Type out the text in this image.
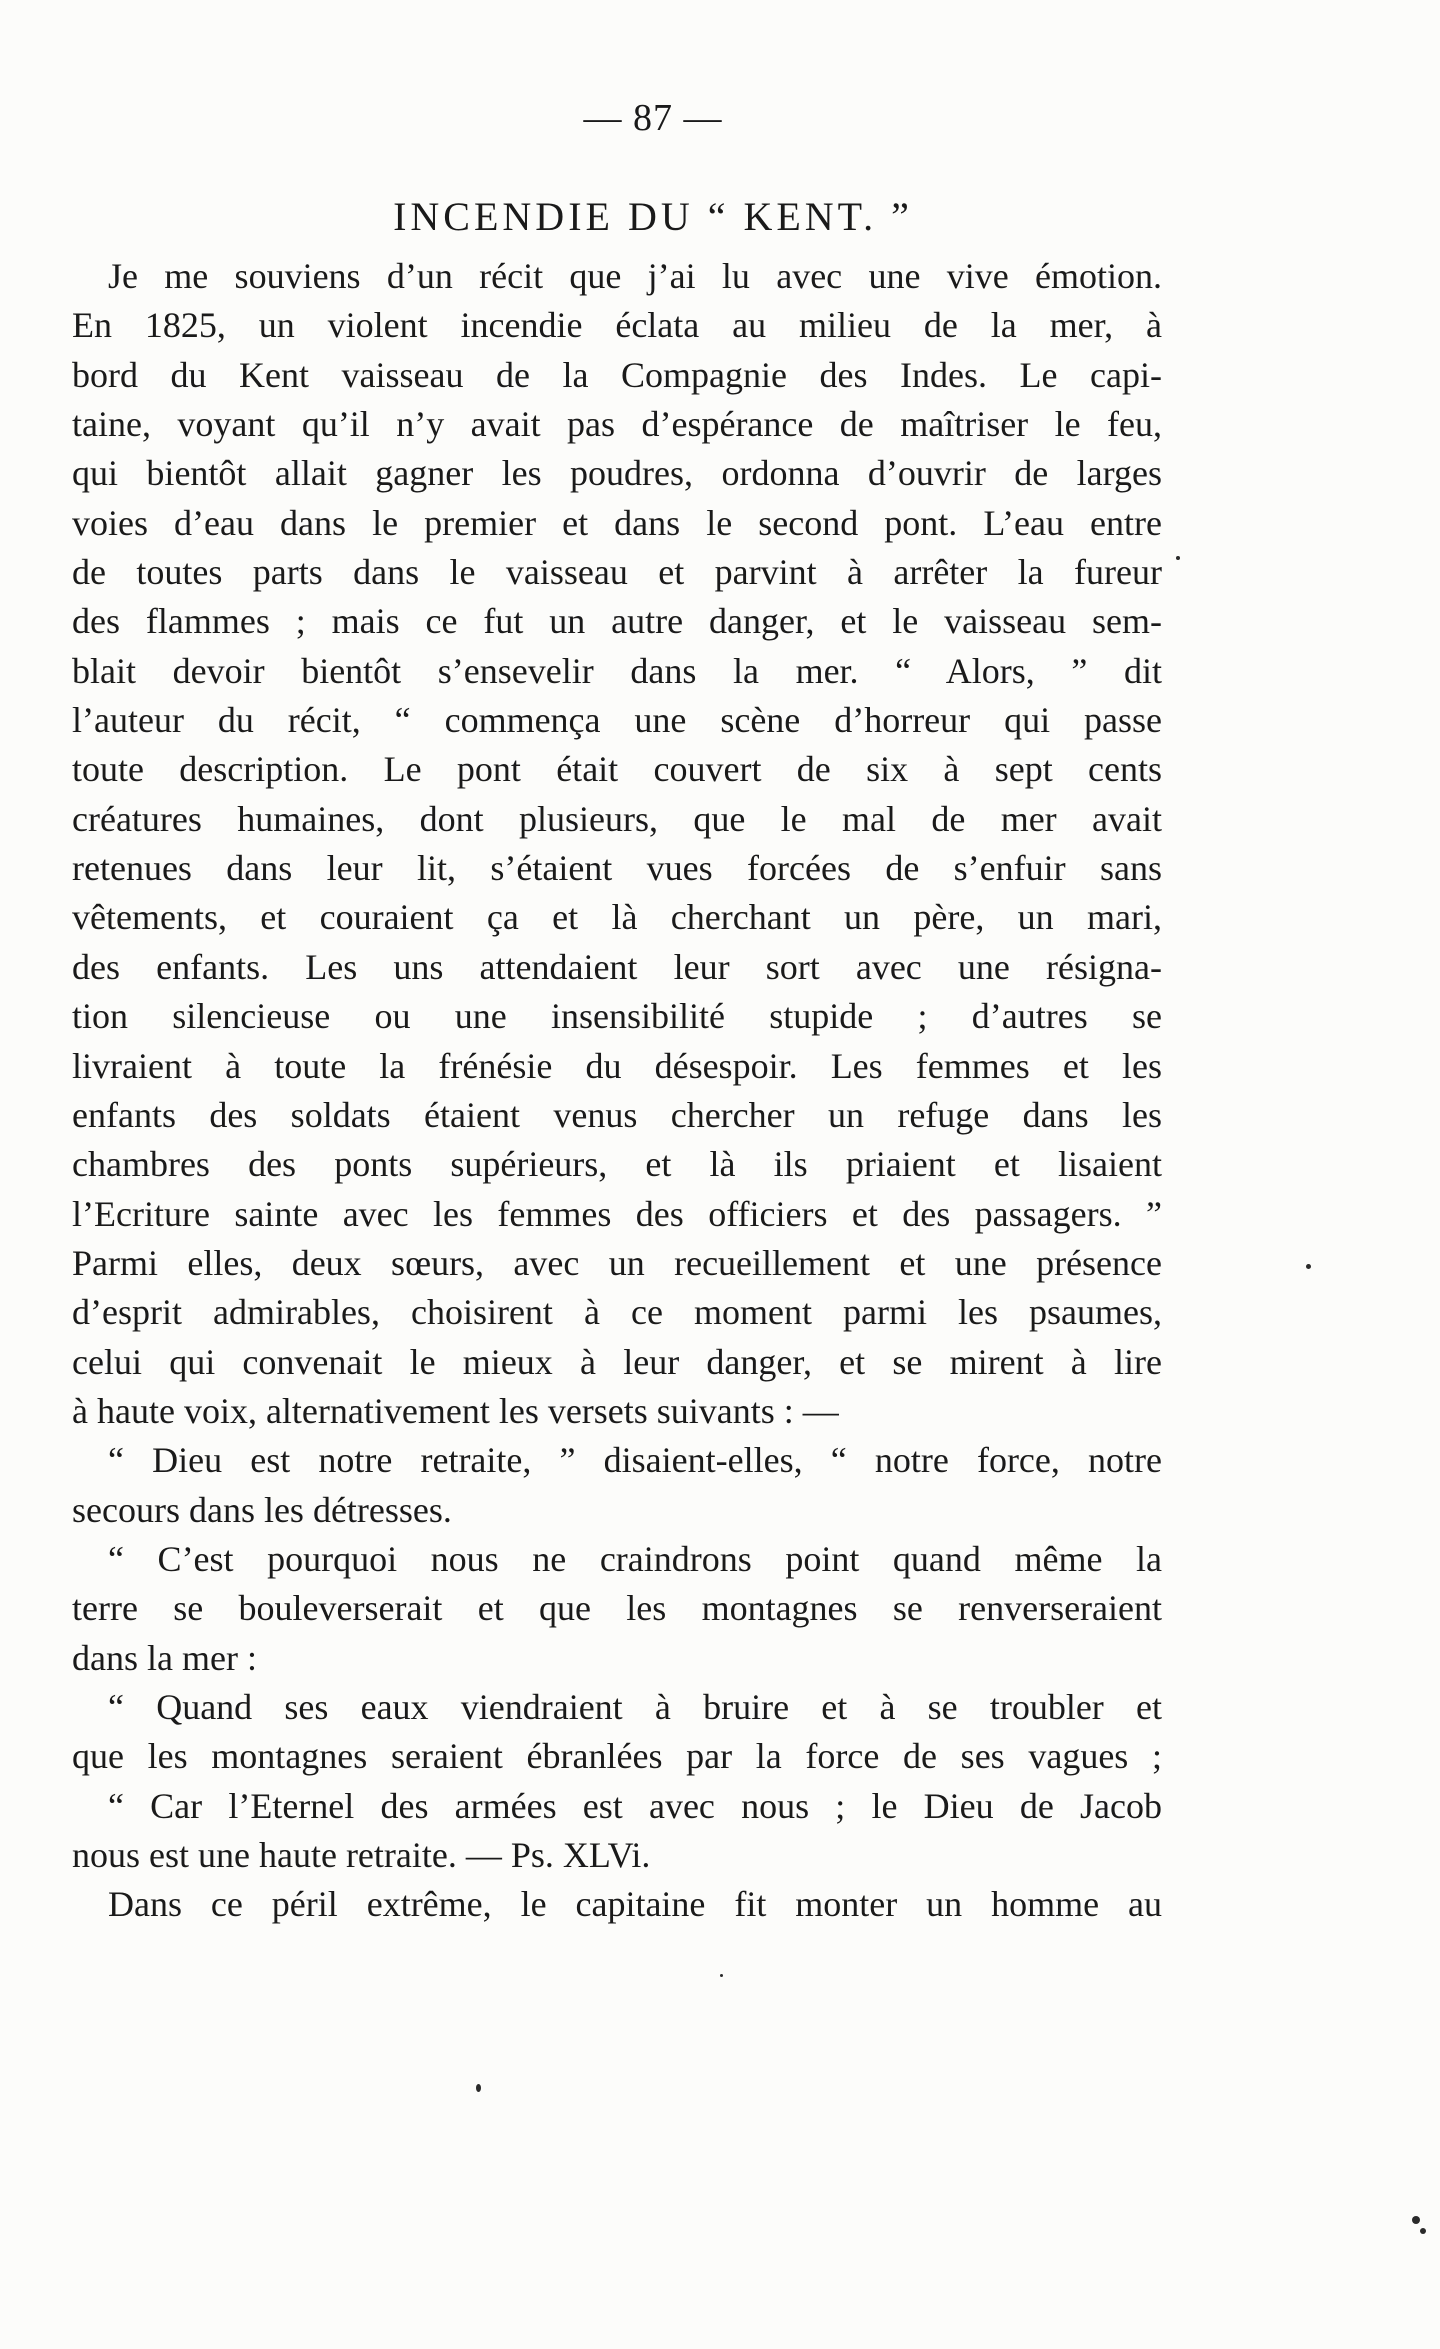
— 87 —
INCENDIE DU “ KENT. ”
Je me souviens d’un récit que j’ai lu avec une vive émotion.
En 1825, un violent incendie éclata au milieu de la mer, à
bord du Kent vaisseau de la Compagnie des Indes. Le capi-
taine, voyant qu’il n’y avait pas d’espérance de maîtriser le feu,
qui bientôt allait gagner les poudres, ordonna d’ouvrir de larges
voies d’eau dans le premier et dans le second pont. L’eau entre
de toutes parts dans le vaisseau et parvint à arrêter la fureur
des flammes ; mais ce fut un autre danger, et le vaisseau sem-
blait devoir bientôt s’ensevelir dans la mer. “ Alors, ” dit
l’auteur du récit, “ commença une scène d’horreur qui passe
toute description. Le pont était couvert de six à sept cents
créatures humaines, dont plusieurs, que le mal de mer avait
retenues dans leur lit, s’étaient vues forcées de s’enfuir sans
vêtements, et couraient ça et là cherchant un père, un mari,
des enfants. Les uns attendaient leur sort avec une résigna-
tion silencieuse ou une insensibilité stupide ; d’autres se
livraient à toute la frénésie du désespoir. Les femmes et les
enfants des soldats étaient venus chercher un refuge dans les
chambres des ponts supérieurs, et là ils priaient et lisaient
l’Ecriture sainte avec les femmes des officiers et des passagers. ”
Parmi elles, deux sœurs, avec un recueillement et une présence
d’esprit admirables, choisirent à ce moment parmi les psaumes,
celui qui convenait le mieux à leur danger, et se mirent à lire
à haute voix, alternativement les versets suivants : —
“ Dieu est notre retraite, ” disaient-elles, “ notre force, notre
secours dans les détresses.
“ C’est pourquoi nous ne craindrons point quand même la
terre se bouleverserait et que les montagnes se renverseraient
dans la mer :
“ Quand ses eaux viendraient à bruire et à se troubler et
que les montagnes seraient ébranlées par la force de ses vagues ;
“ Car l’Eternel des armées est avec nous ; le Dieu de Jacob
nous est une haute retraite. — Ps. XLVi.
Dans ce péril extrême, le capitaine fit monter un homme au
